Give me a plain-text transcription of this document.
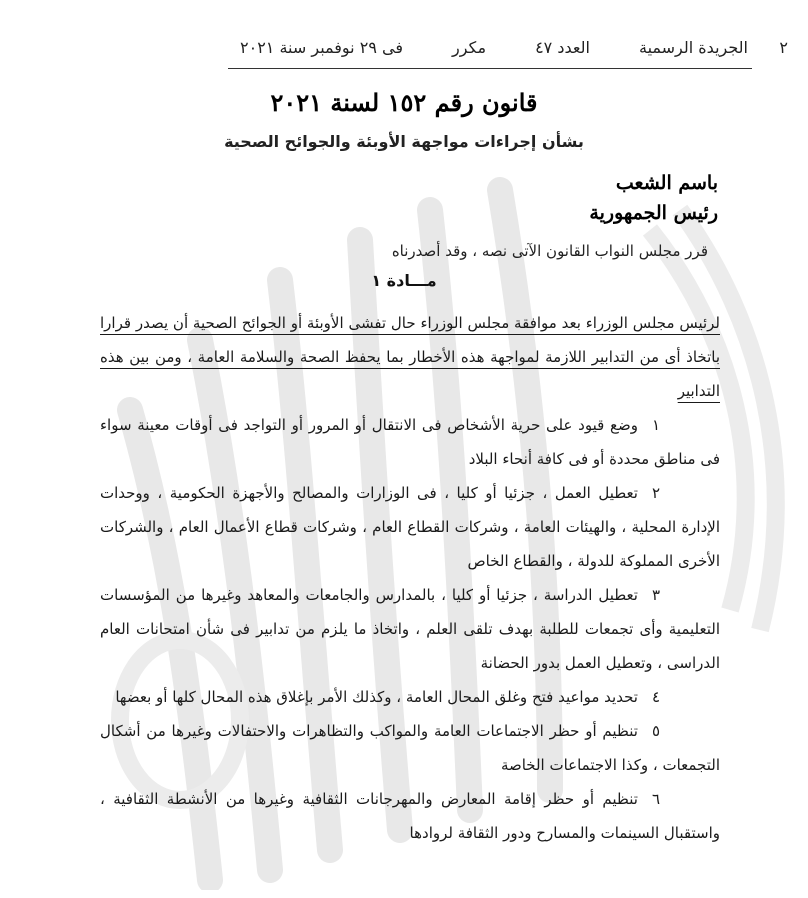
٢
الجريدة الرسمية
العدد ٤٧
مكرر
فى ٢٩ نوفمبر سنة ٢٠٢١
قانون رقم ١٥٢ لسنة ٢٠٢١
بشأن إجراءات مواجهة الأوبئة والجوائح الصحية
باسم الشعب
رئيس الجمهورية
قرر مجلس النواب القانون الآتى نصه ، وقد أصدرناه
مـــادة ١

لرئيس مجلس الوزراء بعد موافقة مجلس الوزراء حال تفشى الأوبئة أو الجوائح الصحية أن يصدر قرارا باتخاذ أى من التدابير اللازمة لمواجهة هذه الأخطار بما يحفظ الصحة والسلامة العامة ، ومن بين هذه التدابير

١وضع قيود على حرية الأشخاص فى الانتقال أو المرور أو التواجد فى أوقات معينة سواء فى مناطق محددة أو فى كافة أنحاء البلاد

٢تعطيل العمل ، جزئيا أو كليا ، فى الوزارات والمصالح والأجهزة الحكومية ، ووحدات الإدارة المحلية ، والهيئات العامة ، وشركات القطاع العام ، وشركات قطاع الأعمال العام ، والشركات الأخرى المملوكة للدولة ، والقطاع الخاص

٣تعطيل الدراسة ، جزئيا أو كليا ، بالمدارس والجامعات والمعاهد وغيرها من المؤسسات التعليمية وأى تجمعات للطلبة بهدف تلقى العلم ، واتخاذ ما يلزم من تدابير فى شأن امتحانات العام الدراسى ، وتعطيل العمل بدور الحضانة

٤تحديد مواعيد فتح وغلق المحال العامة ، وكذلك الأمر بإغلاق هذه المحال كلها أو بعضها

٥تنظيم أو حظر الاجتماعات العامة والمواكب والتظاهرات والاحتفالات وغيرها من أشكال التجمعات ، وكذا الاجتماعات الخاصة

٦تنظيم أو حظر إقامة المعارض والمهرجانات الثقافية وغيرها من الأنشطة الثقافية ، واستقبال السينمات والمسارح ودور الثقافة لروادها
